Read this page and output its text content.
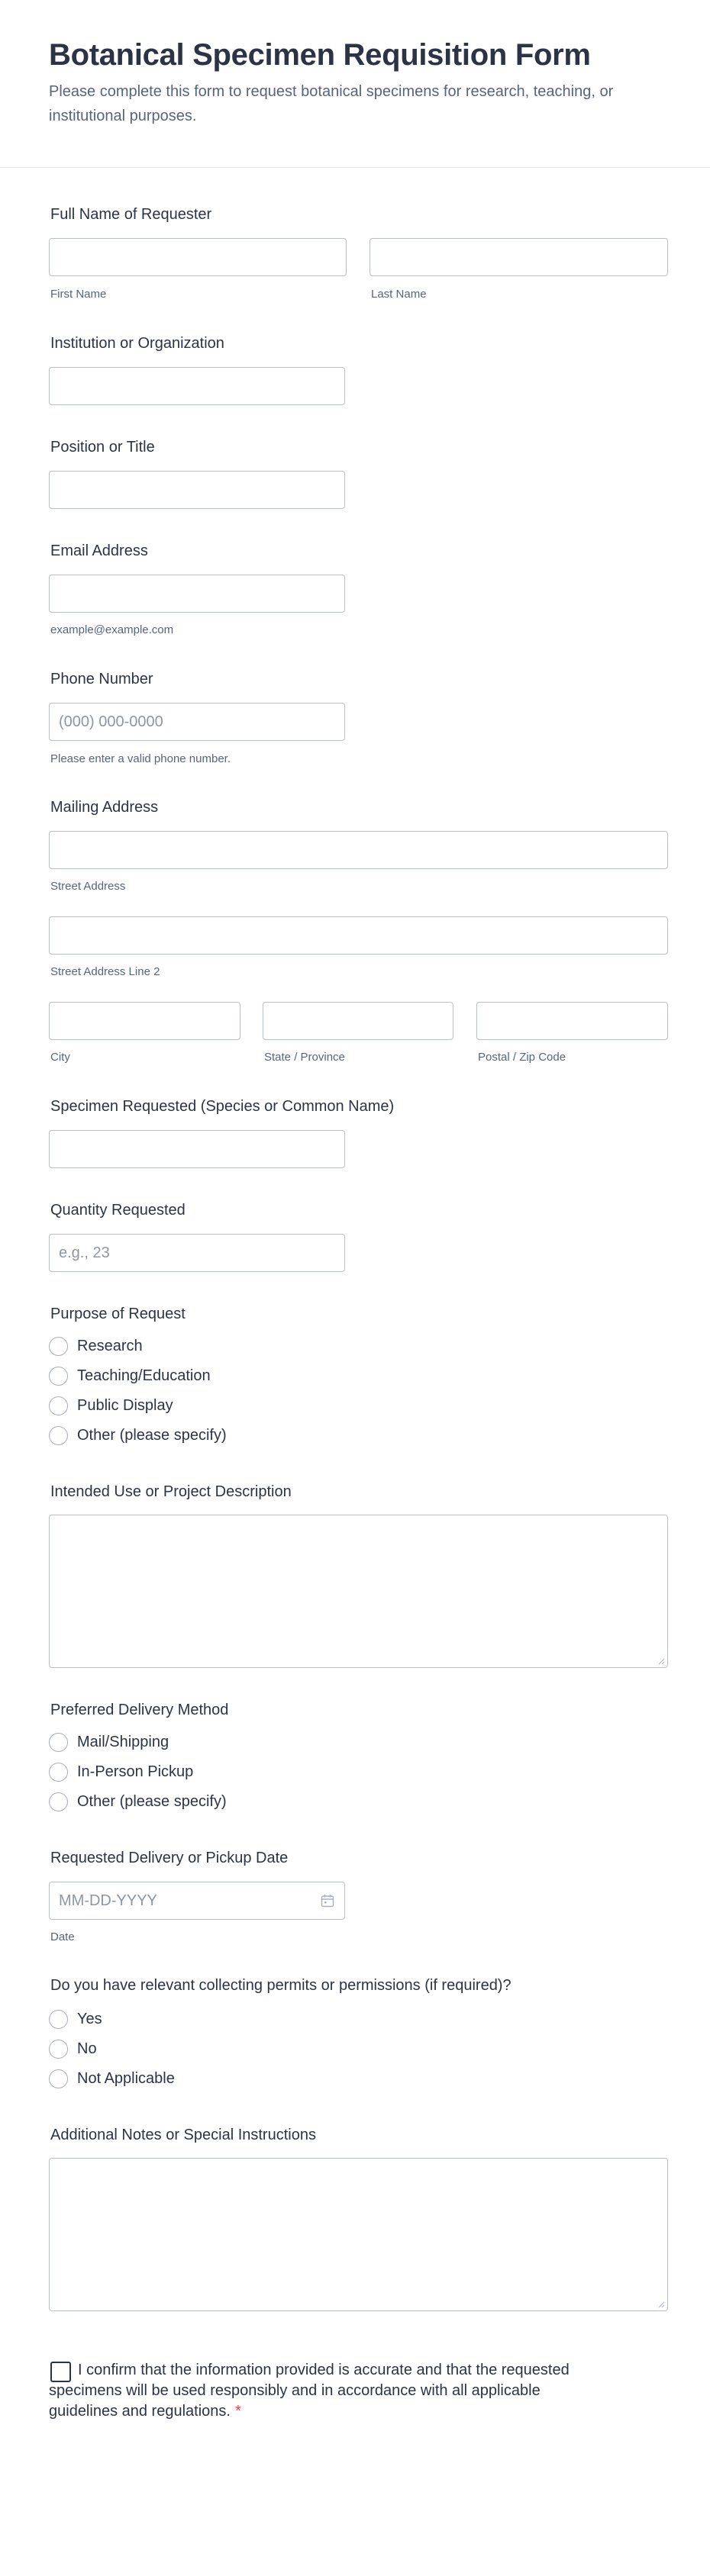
Botanical Specimen Requisition Form
Please complete this form to request botanical specimens for research, teaching, or institutional purposes.
Full Name of Requester
First Name	Last Name
Institution or Organization
Position or Title
Email Address
example@example.com
Phone Number
(000) 000-0000
Please enter a valid phone number.
Mailing Address
Street Address
Street Address Line 2
City	State / Province	Postal / Zip Code
Specimen Requested (Species or Common Name)
Quantity Requested
e.g., 23
Purpose of Request
Research
Teaching/Education
Public Display
Other (please specify)
Intended Use or Project Description
Preferred Delivery Method
Mail/Shipping
In-Person Pickup
Other (please specify)
Requested Delivery or Pickup Date
MM-DD-YYYY
Date
Do you have relevant collecting permits or permissions (if required)?
Yes
No
Not Applicable
Additional Notes or Special Instructions
I confirm that the information provided is accurate and that the requested specimens will be used responsibly and in accordance with all applicable guidelines and regulations. *
